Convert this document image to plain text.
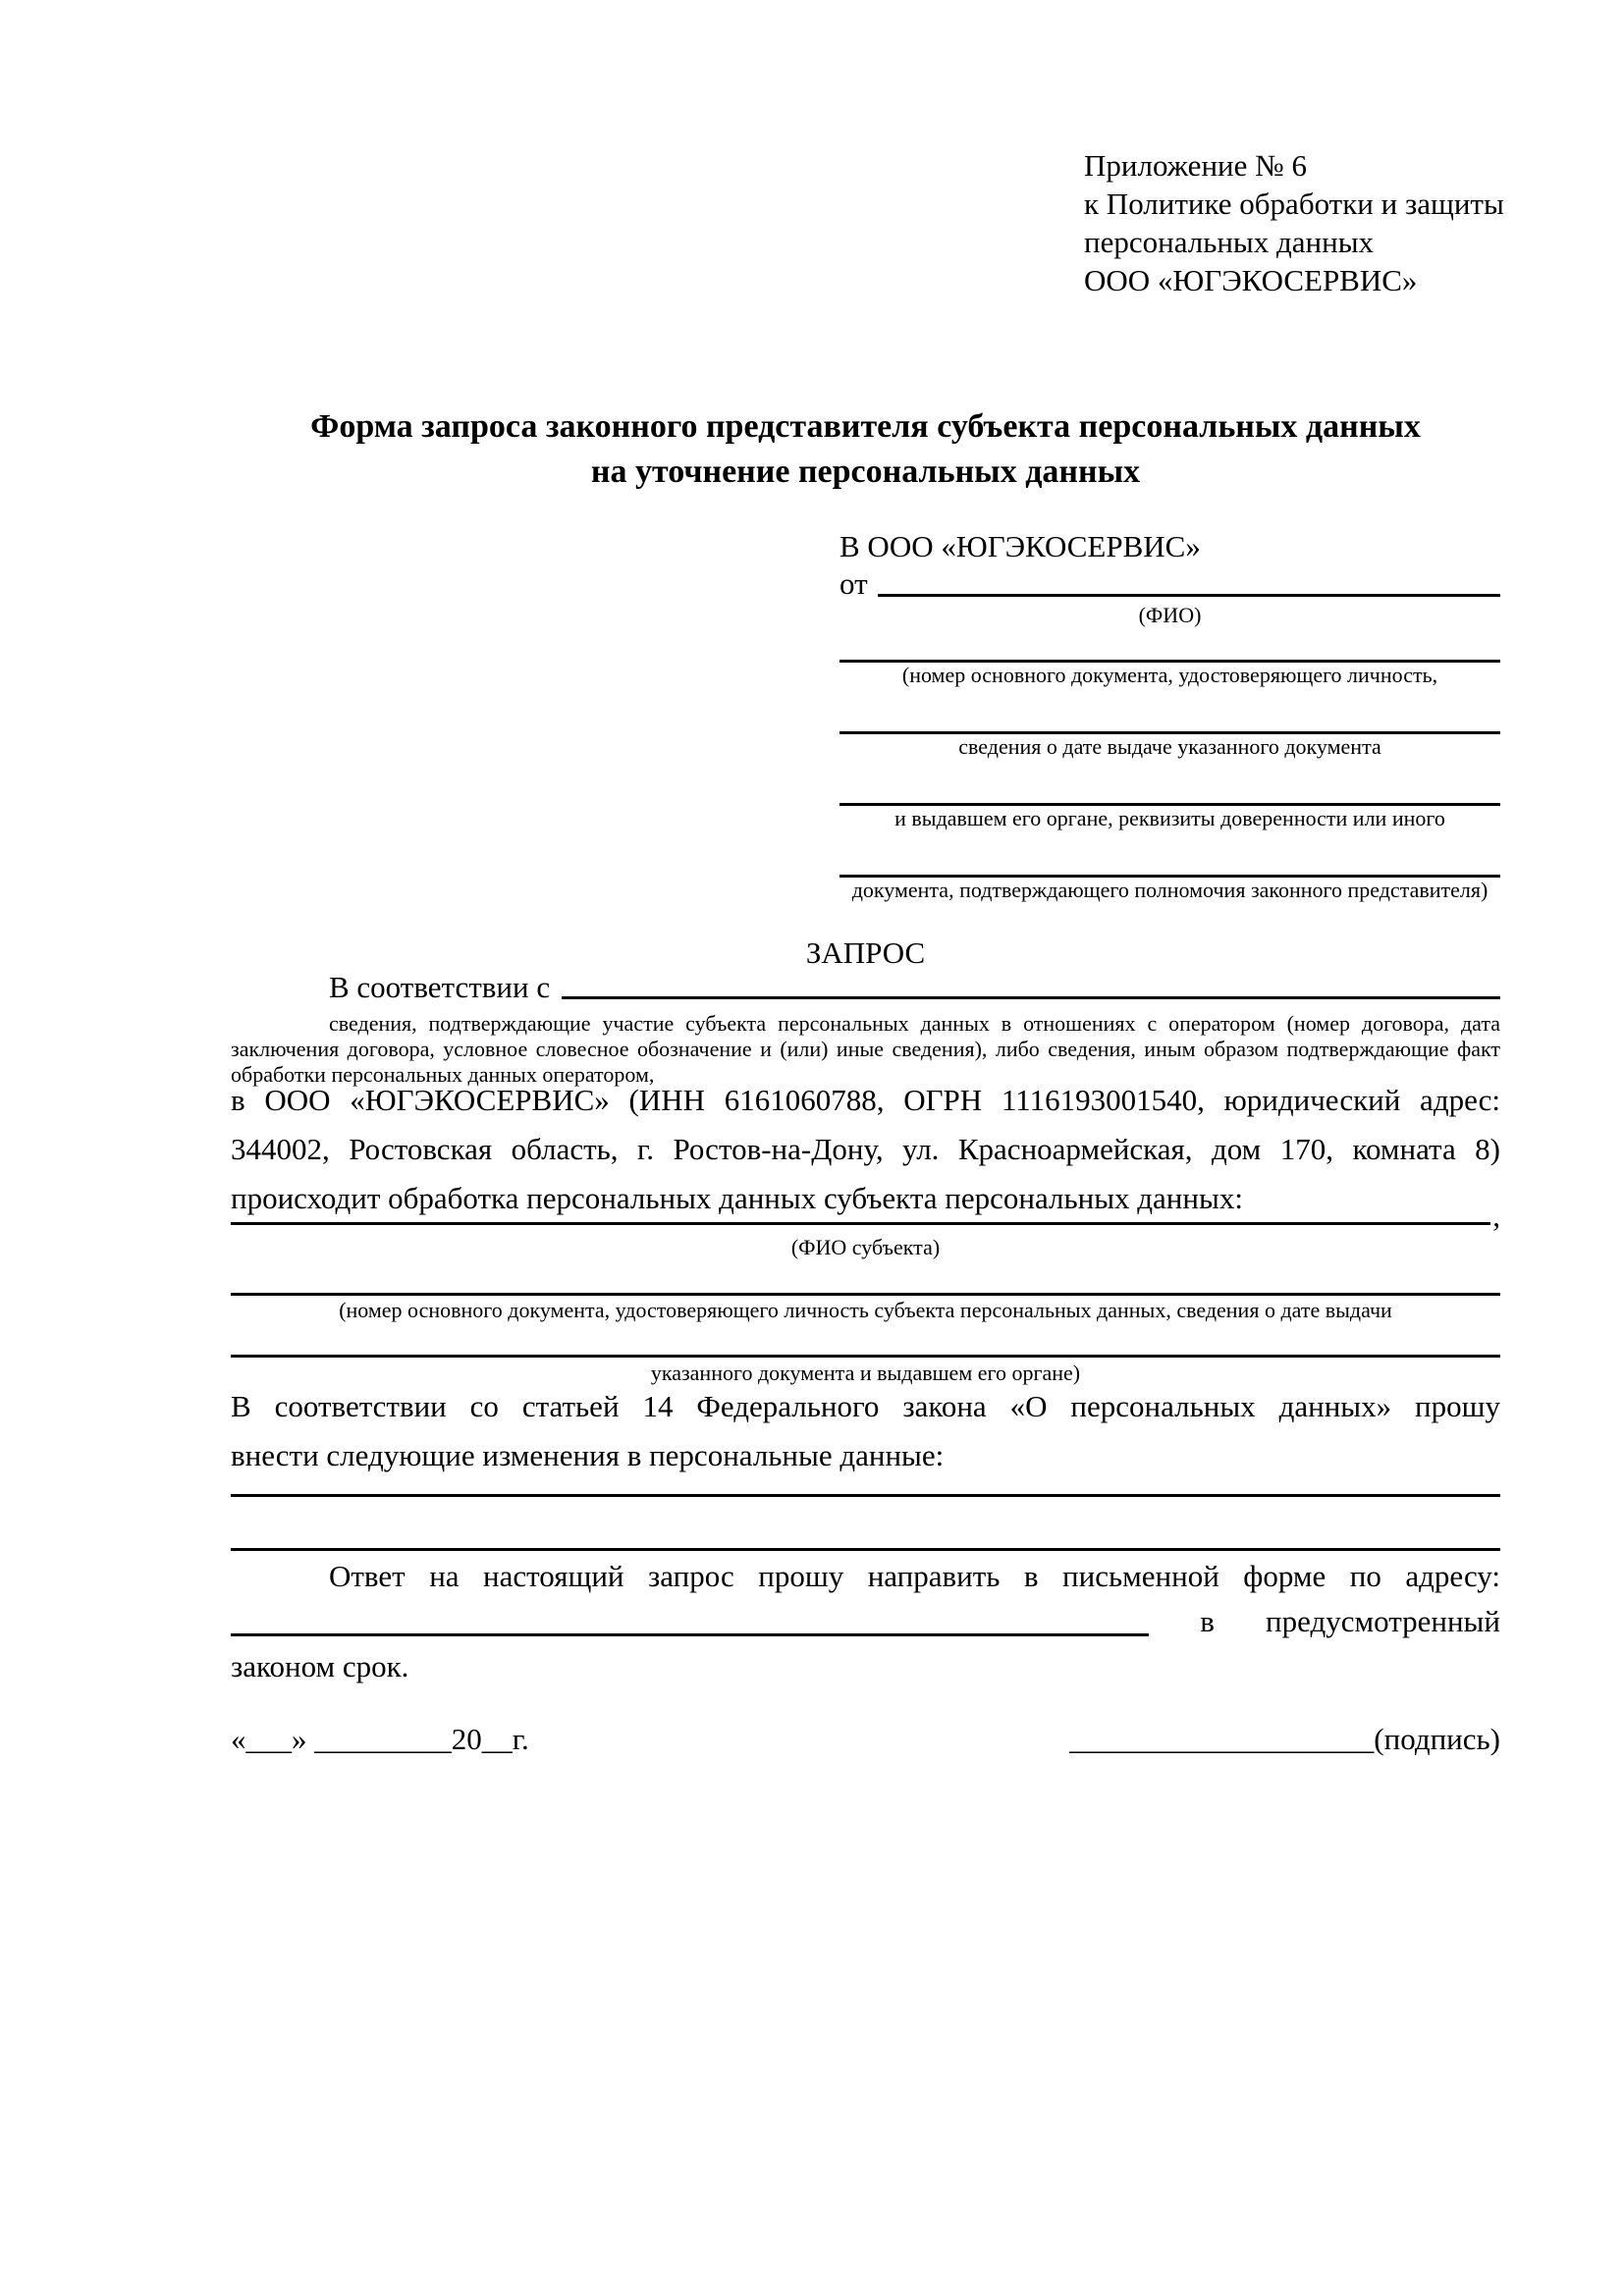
Приложение № 6
к Политике обработки и защиты
персональных данных
ООО «ЮГЭКОСЕРВИС»
Форма запроса законного представителя субъекта персональных данных
на уточнение персональных данных
В ООО «ЮГЭКОСЕРВИС»
от
(ФИО)
(номер основного документа, удостоверяющего личность,
сведения о дате выдаче указанного документа
и выдавшем его органе, реквизиты доверенности или иного
документа, подтверждающего полномочия законного представителя)
ЗАПРОС
В соответствии с
сведения, подтверждающие участие субъекта персональных данных в отношениях с оператором (номер договора, дата
заключения договора, условное словесное обозначение и (или) иные сведения), либо сведения, иным образом подтверждающие факт
обработки персональных данных оператором,
в ООО «ЮГЭКОСЕРВИС» (ИНН 6161060788, ОГРН 1116193001540, юридический адрес:
344002, Ростовская область, г. Ростов-на-Дону, ул. Красноармейская, дом 170, комната 8)
происходит обработка персональных данных субъекта персональных данных:
,
(ФИО субъекта)
(номер основного документа, удостоверяющего личность субъекта персональных данных, сведения о дате выдачи
указанного документа и выдавшем его органе)
В соответствии со статьей 14 Федерального закона «О персональных данных» прошу
внести следующие изменения в персональные данные:
Ответ на настоящий запрос прошу направить в письменной форме по адресу:
в предусмотренный
законом срок.
«___» _________20__г.	____________________(подпись)
